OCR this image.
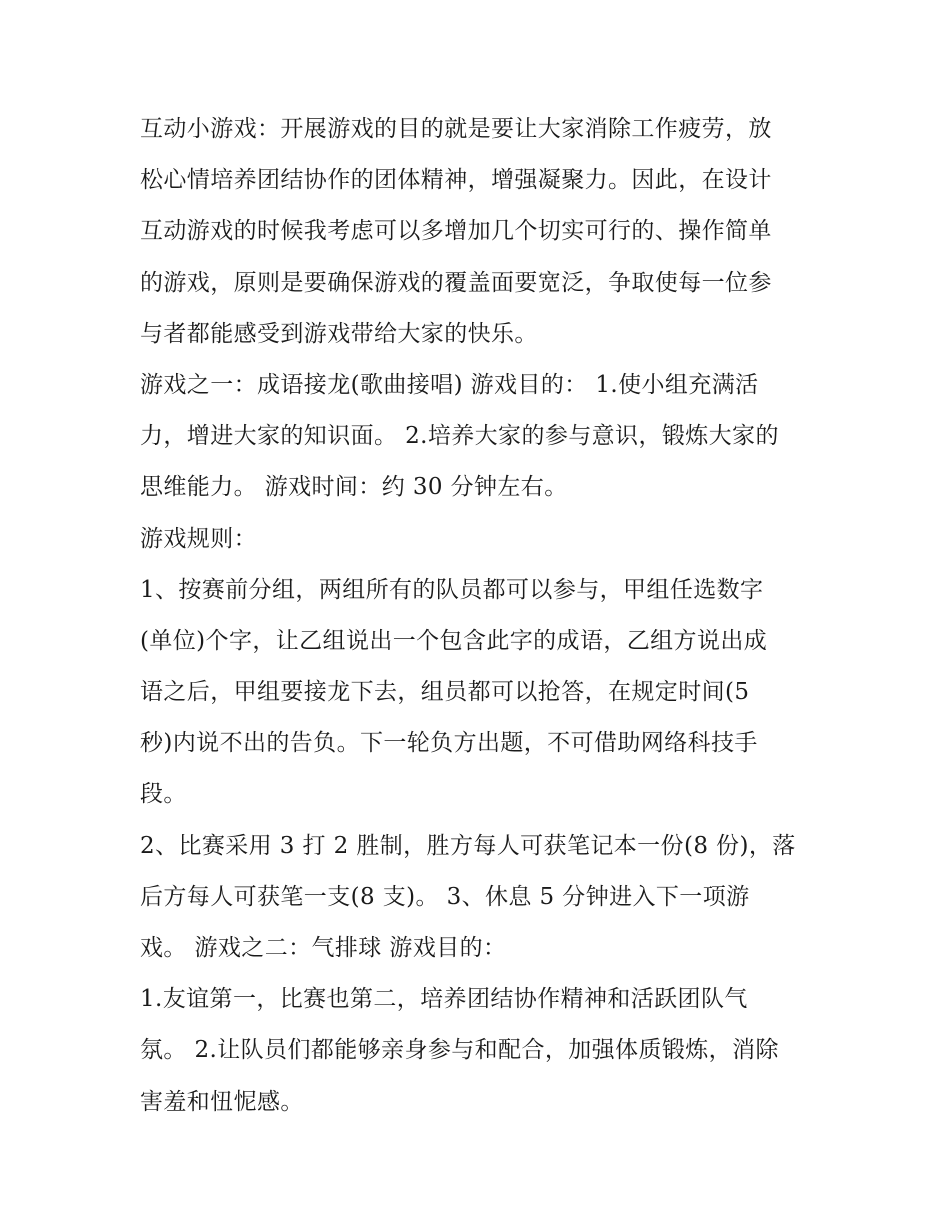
互动小游戏：开展游戏的目的就是要让大家消除工作疲劳，放
松心情培养团结协作的团体精神，增强凝聚力。因此，在设计
互动游戏的时候我考虑可以多增加几个切实可行的、操作简单
的游戏，原则是要确保游戏的覆盖面要宽泛，争取使每一位参
与者都能感受到游戏带给大家的快乐。
游戏之一：成语接龙(歌曲接唱) 游戏目的： 1.使小组充满活
力，增进大家的知识面。 2.培养大家的参与意识，锻炼大家的
思维能力。 游戏时间：约 30 分钟左右。
游戏规则：
1、按赛前分组，两组所有的队员都可以参与，甲组任选数字
(单位)个字，让乙组说出一个包含此字的成语，乙组方说出成
语之后，甲组要接龙下去，组员都可以抢答，在规定时间(5
秒)内说不出的告负。下一轮负方出题，不可借助网络科技手
段。
2、比赛采用 3 打 2 胜制，胜方每人可获笔记本一份(8 份)，落
后方每人可获笔一支(8 支)。 3、休息 5 分钟进入下一项游
戏。 游戏之二：气排球 游戏目的：
1.友谊第一，比赛也第二，培养团结协作精神和活跃团队气
氛。 2.让队员们都能够亲身参与和配合，加强体质锻炼，消除
害羞和忸怩感。
